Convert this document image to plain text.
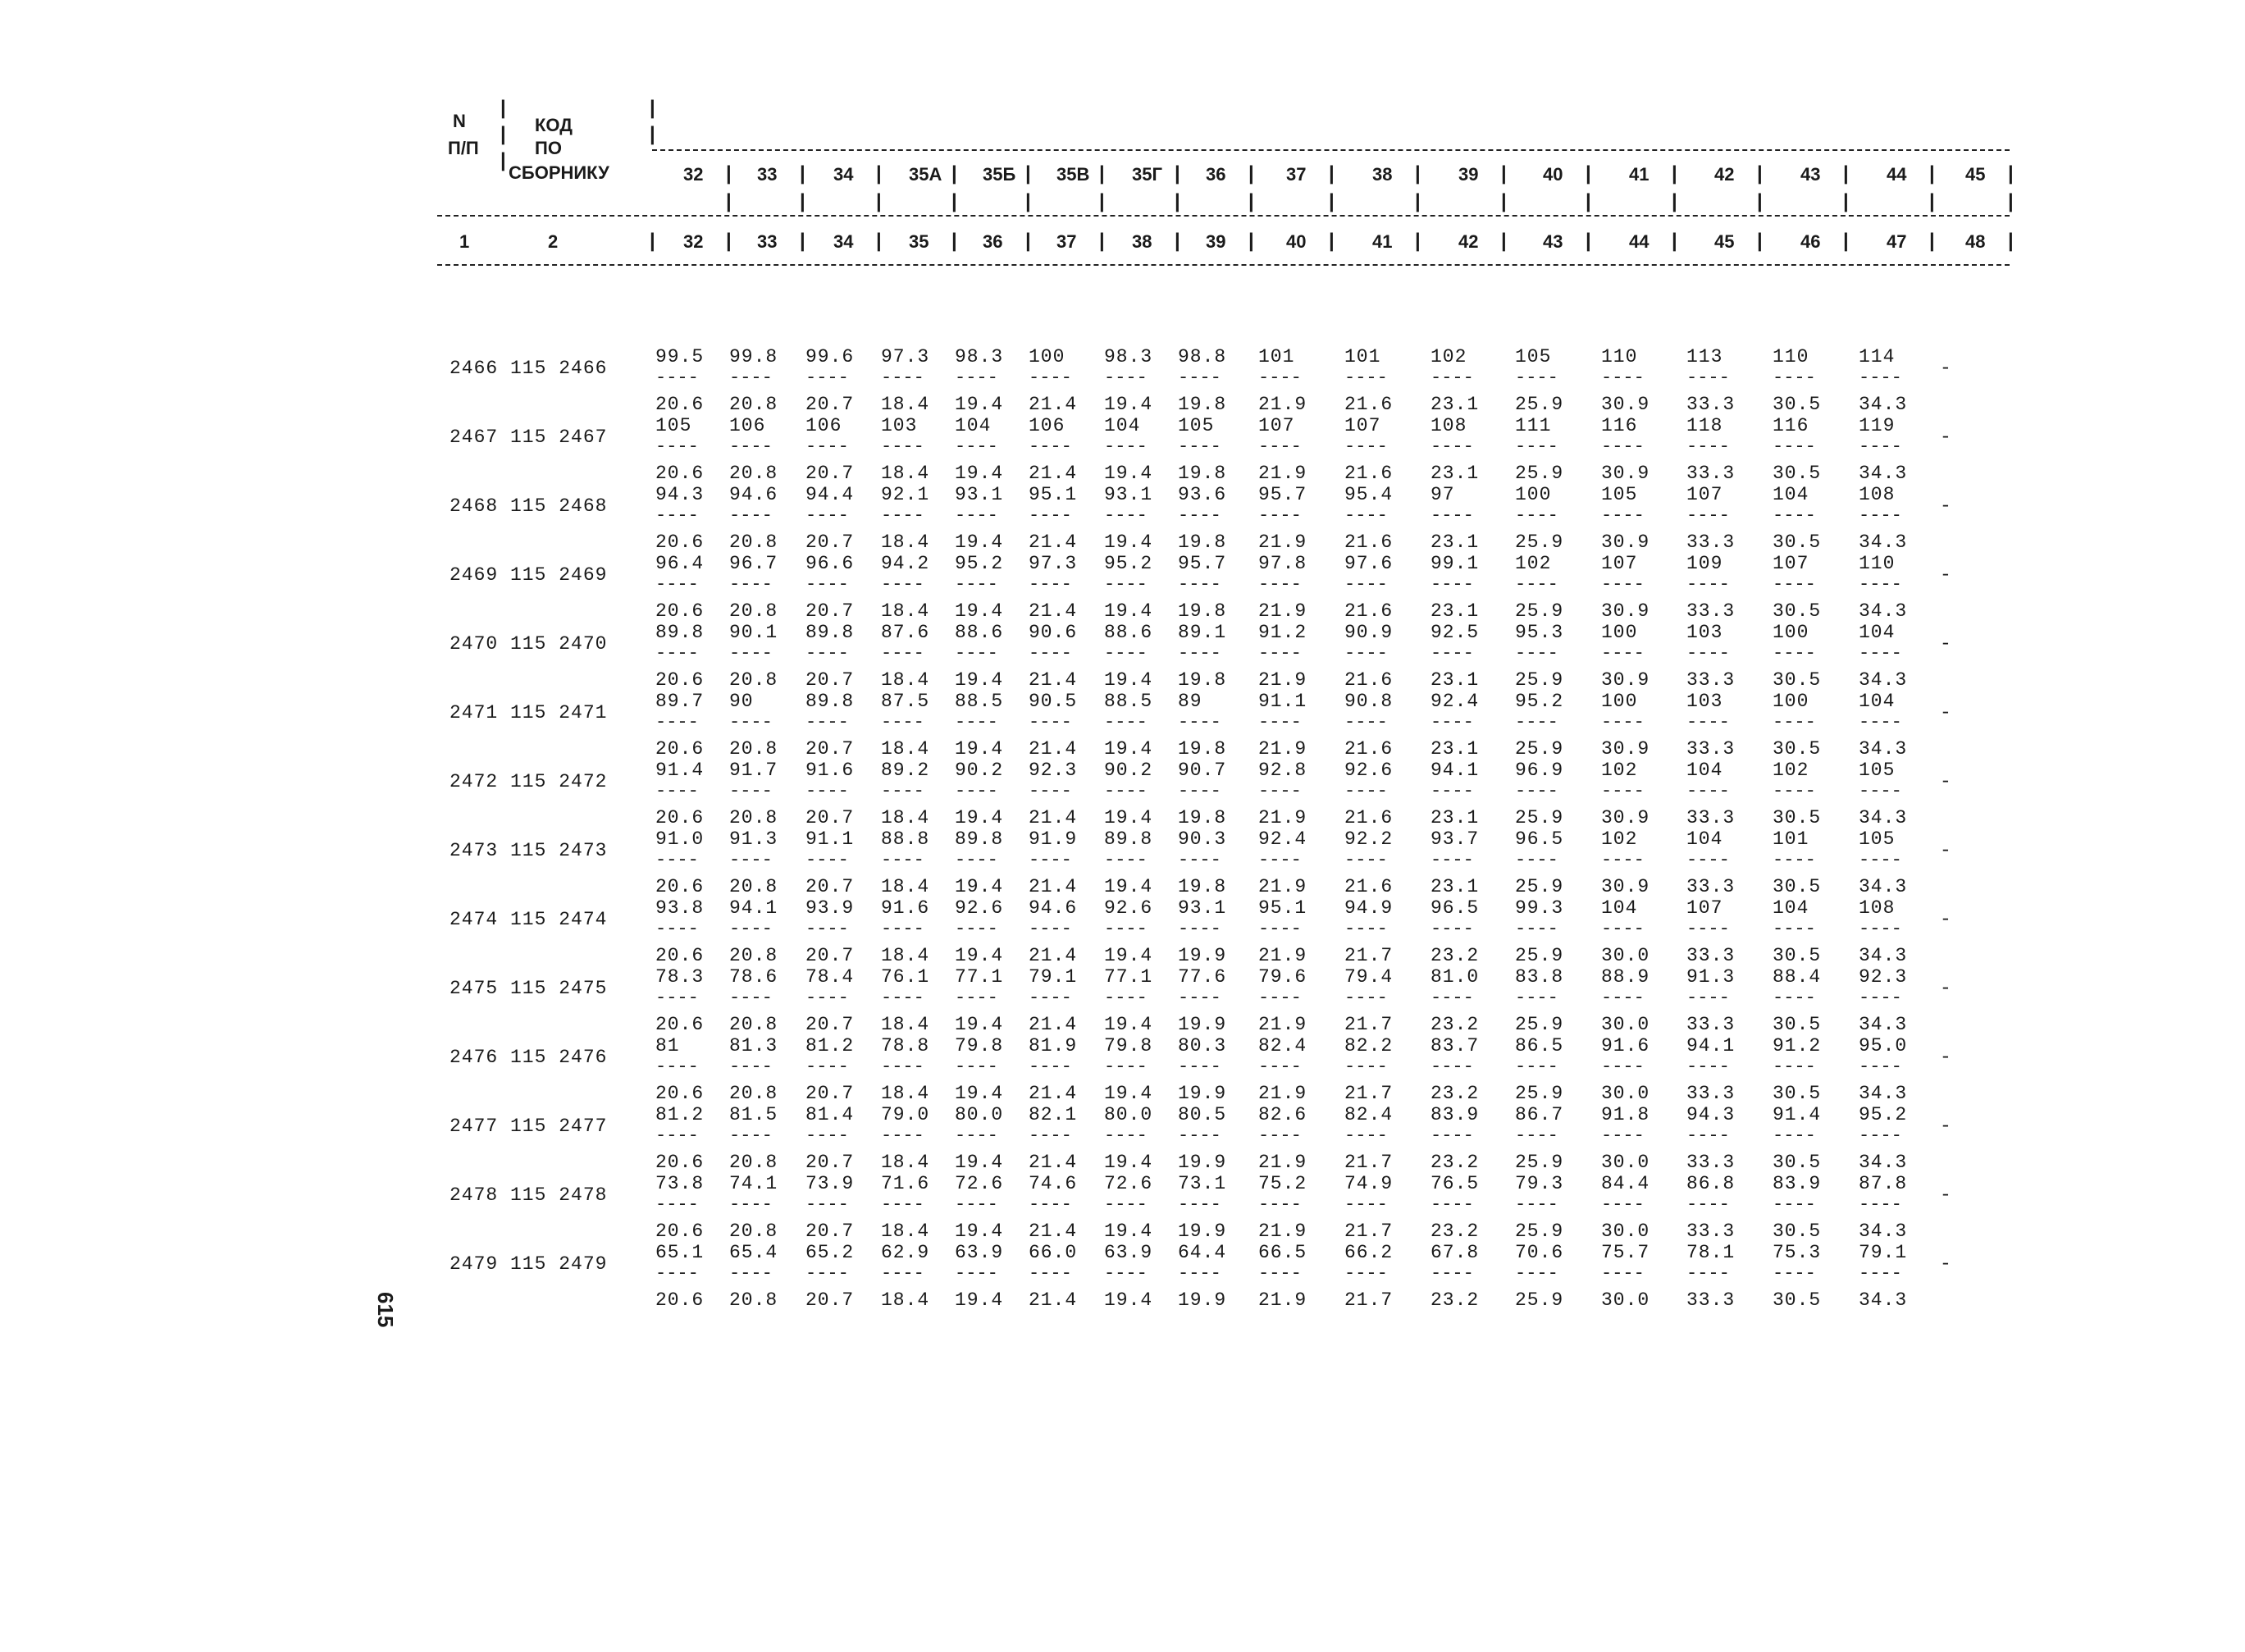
N
П/П
КОД
ПО
СБОРНИКУ
|
|
|
|
|
32 |
|
33 |
|
34 |
|
35А |
|
35Б |
|
35В |
|
35Г |
|
36 |
|
37 |
|
38 |
|
39 |
|
40 |
|
41 |
|
42 |
|
43 |
|
44 |
|
45 |
|
1	2	| 32 | 33 | 34 | 35 | 36 | 37 | 38 | 39 | 40 | 41 | 42 | 43 | 44 | 45 | 46 | 47 | 48 |
2466 115 2466
99.5
----
20.6
99.8
----
20.8
99.6
----
20.7
97.3
----
18.4
98.3
----
19.4
100
----
21.4
98.3
----
19.4
98.8
----
19.8
101
----
21.9
101
----
21.6
102
----
23.1
105
----
25.9
110
----
30.9
113
----
33.3
110
----
30.5
114
----
34.3
-
2467 115 2467
105
----
20.6
106
----
20.8
106
----
20.7
103
----
18.4
104
----
19.4
106
----
21.4
104
----
19.4
105
----
19.8
107
----
21.9
107
----
21.6
108
----
23.1
111
----
25.9
116
----
30.9
118
----
33.3
116
----
30.5
119
----
34.3
-
2468 115 2468
94.3
----
20.6
94.6
----
20.8
94.4
----
20.7
92.1
----
18.4
93.1
----
19.4
95.1
----
21.4
93.1
----
19.4
93.6
----
19.8
95.7
----
21.9
95.4
----
21.6
97
----
23.1
100
----
25.9
105
----
30.9
107
----
33.3
104
----
30.5
108
----
34.3
-
2469 115 2469
96.4
----
20.6
96.7
----
20.8
96.6
----
20.7
94.2
----
18.4
95.2
----
19.4
97.3
----
21.4
95.2
----
19.4
95.7
----
19.8
97.8
----
21.9
97.6
----
21.6
99.1
----
23.1
102
----
25.9
107
----
30.9
109
----
33.3
107
----
30.5
110
----
34.3
-
2470 115 2470
89.8
----
20.6
90.1
----
20.8
89.8
----
20.7
87.6
----
18.4
88.6
----
19.4
90.6
----
21.4
88.6
----
19.4
89.1
----
19.8
91.2
----
21.9
90.9
----
21.6
92.5
----
23.1
95.3
----
25.9
100
----
30.9
103
----
33.3
100
----
30.5
104
----
34.3
-
2471 115 2471
89.7
----
20.6
90
----
20.8
89.8
----
20.7
87.5
----
18.4
88.5
----
19.4
90.5
----
21.4
88.5
----
19.4
89
----
19.8
91.1
----
21.9
90.8
----
21.6
92.4
----
23.1
95.2
----
25.9
100
----
30.9
103
----
33.3
100
----
30.5
104
----
34.3
-
2472 115 2472
91.4
----
20.6
91.7
----
20.8
91.6
----
20.7
89.2
----
18.4
90.2
----
19.4
92.3
----
21.4
90.2
----
19.4
90.7
----
19.8
92.8
----
21.9
92.6
----
21.6
94.1
----
23.1
96.9
----
25.9
102
----
30.9
104
----
33.3
102
----
30.5
105
----
34.3
-
2473 115 2473
91.0
----
20.6
91.3
----
20.8
91.1
----
20.7
88.8
----
18.4
89.8
----
19.4
91.9
----
21.4
89.8
----
19.4
90.3
----
19.8
92.4
----
21.9
92.2
----
21.6
93.7
----
23.1
96.5
----
25.9
102
----
30.9
104
----
33.3
101
----
30.5
105
----
34.3
-
2474 115 2474
93.8
----
20.6
94.1
----
20.8
93.9
----
20.7
91.6
----
18.4
92.6
----
19.4
94.6
----
21.4
92.6
----
19.4
93.1
----
19.9
95.1
----
21.9
94.9
----
21.7
96.5
----
23.2
99.3
----
25.9
104
----
30.0
107
----
33.3
104
----
30.5
108
----
34.3
-
2475 115 2475
78.3
----
20.6
78.6
----
20.8
78.4
----
20.7
76.1
----
18.4
77.1
----
19.4
79.1
----
21.4
77.1
----
19.4
77.6
----
19.9
79.6
----
21.9
79.4
----
21.7
81.0
----
23.2
83.8
----
25.9
88.9
----
30.0
91.3
----
33.3
88.4
----
30.5
92.3
----
34.3
-
2476 115 2476
81
----
20.6
81.3
----
20.8
81.2
----
20.7
78.8
----
18.4
79.8
----
19.4
81.9
----
21.4
79.8
----
19.4
80.3
----
19.9
82.4
----
21.9
82.2
----
21.7
83.7
----
23.2
86.5
----
25.9
91.6
----
30.0
94.1
----
33.3
91.2
----
30.5
95.0
----
34.3
-
2477 115 2477
81.2
----
20.6
81.5
----
20.8
81.4
----
20.7
79.0
----
18.4
80.0
----
19.4
82.1
----
21.4
80.0
----
19.4
80.5
----
19.9
82.6
----
21.9
82.4
----
21.7
83.9
----
23.2
86.7
----
25.9
91.8
----
30.0
94.3
----
33.3
91.4
----
30.5
95.2
----
34.3
-
2478 115 2478
73.8
----
20.6
74.1
----
20.8
73.9
----
20.7
71.6
----
18.4
72.6
----
19.4
74.6
----
21.4
72.6
----
19.4
73.1
----
19.9
75.2
----
21.9
74.9
----
21.7
76.5
----
23.2
79.3
----
25.9
84.4
----
30.0
86.8
----
33.3
83.9
----
30.5
87.8
----
34.3
-
2479 115 2479
65.1
----
20.6
65.4
----
20.8
65.2
----
20.7
62.9
----
18.4
63.9
----
19.4
66.0
----
21.4
63.9
----
19.4
64.4
----
19.9
66.5
----
21.9
66.2
----
21.7
67.8
----
23.2
70.6
----
25.9
75.7
----
30.0
78.1
----
33.3
75.3
----
30.5
79.1
----
34.3
-
615
